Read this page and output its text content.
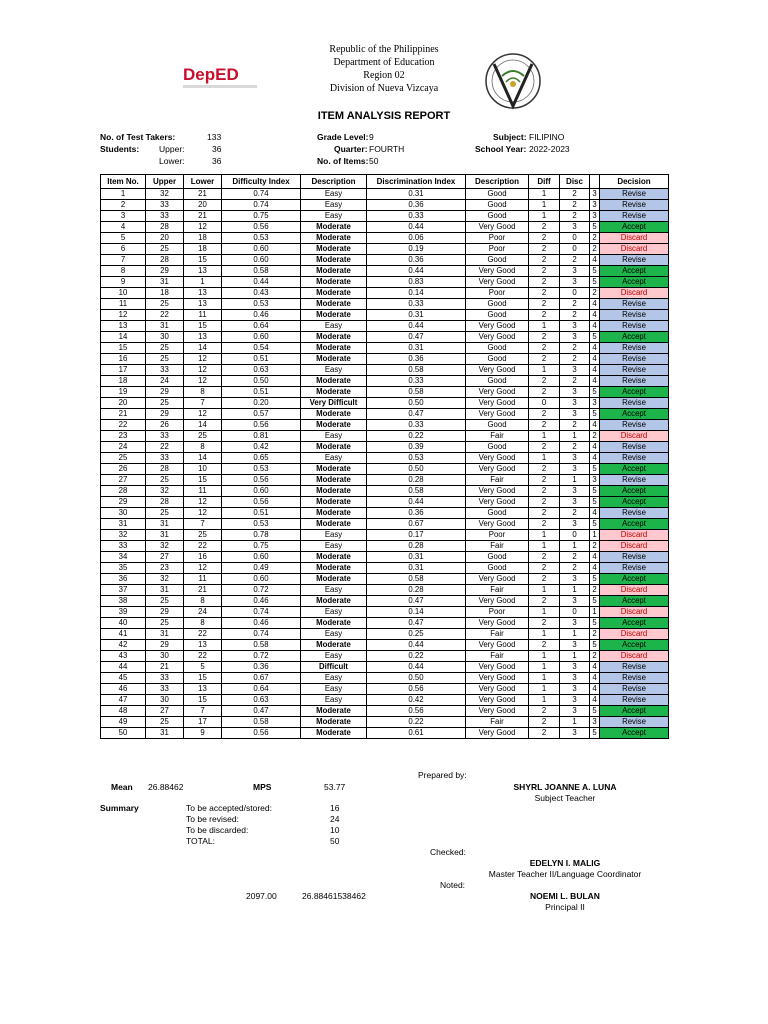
DepED
Republic of the Philippines
Department of Education
Region 02
Division of Nueva Vizcaya
ITEM ANALYSIS REPORT
No. of Test Takers:	133
Students: Upper:	36
Lower:	36
Grade Level: 9
Quarter: FOURTH
No. of Items: 50
Subject: FILIPINO
School Year: 2022-2023
Item No.	Upper	Lower	Difficulty Index	Description	Discrimination Index	Description	Diff	Disc		Decision
1	32	21	0.74	Easy	0.31	Good	1	2	3	Revise
2	33	20	0.74	Easy	0.36	Good	1	2	3	Revise
3	33	21	0.75	Easy	0.33	Good	1	2	3	Revise
4	28	12	0.56	Moderate	0.44	Very Good	2	3	5	Accept
5	20	18	0.53	Moderate	0.06	Poor	2	0	2	Discard
6	25	18	0.60	Moderate	0.19	Poor	2	0	2	Discard
7	28	15	0.60	Moderate	0.36	Good	2	2	4	Revise
8	29	13	0.58	Moderate	0.44	Very Good	2	3	5	Accept
9	31	1	0.44	Moderate	0.83	Very Good	2	3	5	Accept
10	18	13	0.43	Moderate	0.14	Poor	2	0	2	Discard
11	25	13	0.53	Moderate	0.33	Good	2	2	4	Revise
12	22	11	0.46	Moderate	0.31	Good	2	2	4	Revise
13	31	15	0.64	Easy	0.44	Very Good	1	3	4	Revise
14	30	13	0.60	Moderate	0.47	Very Good	2	3	5	Accept
15	25	14	0.54	Moderate	0.31	Good	2	2	4	Revise
16	25	12	0.51	Moderate	0.36	Good	2	2	4	Revise
17	33	12	0.63	Easy	0.58	Very Good	1	3	4	Revise
18	24	12	0.50	Moderate	0.33	Good	2	2	4	Revise
19	29	8	0.51	Moderate	0.58	Very Good	2	3	5	Accept
20	25	7	0.20	Very Difficult	0.50	Very Good	0	3	3	Revise
21	29	12	0.57	Moderate	0.47	Very Good	2	3	5	Accept
22	26	14	0.56	Moderate	0.33	Good	2	2	4	Revise
23	33	25	0.81	Easy	0.22	Fair	1	1	2	Discard
24	22	8	0.42	Moderate	0.39	Good	2	2	4	Revise
25	33	14	0.65	Easy	0.53	Very Good	1	3	4	Revise
26	28	10	0.53	Moderate	0.50	Very Good	2	3	5	Accept
27	25	15	0.56	Moderate	0.28	Fair	2	1	3	Revise
28	32	11	0.60	Moderate	0.58	Very Good	2	3	5	Accept
29	28	12	0.56	Moderate	0.44	Very Good	2	3	5	Accept
30	25	12	0.51	Moderate	0.36	Good	2	2	4	Revise
31	31	7	0.53	Moderate	0.67	Very Good	2	3	5	Accept
32	31	25	0.78	Easy	0.17	Poor	1	0	1	Discard
33	32	22	0.75	Easy	0.28	Fair	1	1	2	Discard
34	27	16	0.60	Moderate	0.31	Good	2	2	4	Revise
35	23	12	0.49	Moderate	0.31	Good	2	2	4	Revise
36	32	11	0.60	Moderate	0.58	Very Good	2	3	5	Accept
37	31	21	0.72	Easy	0.28	Fair	1	1	2	Discard
38	25	8	0.46	Moderate	0.47	Very Good	2	3	5	Accept
39	29	24	0.74	Easy	0.14	Poor	1	0	1	Discard
40	25	8	0.46	Moderate	0.47	Very Good	2	3	5	Accept
41	31	22	0.74	Easy	0.25	Fair	1	1	2	Discard
42	29	13	0.58	Moderate	0.44	Very Good	2	3	5	Accept
43	30	22	0.72	Easy	0.22	Fair	1	1	2	Discard
44	21	5	0.36	Difficult	0.44	Very Good	1	3	4	Revise
45	33	15	0.67	Easy	0.50	Very Good	1	3	4	Revise
46	33	13	0.64	Easy	0.56	Very Good	1	3	4	Revise
47	30	15	0.63	Easy	0.42	Very Good	1	3	4	Revise
48	27	7	0.47	Moderate	0.56	Very Good	2	3	5	Accept
49	25	17	0.58	Moderate	0.22	Fair	2	1	3	Revise
50	31	9	0.56	Moderate	0.61	Very Good	2	3	5	Accept
Prepared by:
Mean 26.88462	MPS	53.77	SHYRL JOANNE A. LUNA
Subject Teacher
Summary	To be accepted/stored:	16
To be revised:	24
To be discarded:	10
TOTAL:	50
Checked:
EDELYN I. MALIG
Master Teacher II/Language Coordinator
Noted:
2097.00	26.88461538462	NOEMI L. BULAN
Principal II
